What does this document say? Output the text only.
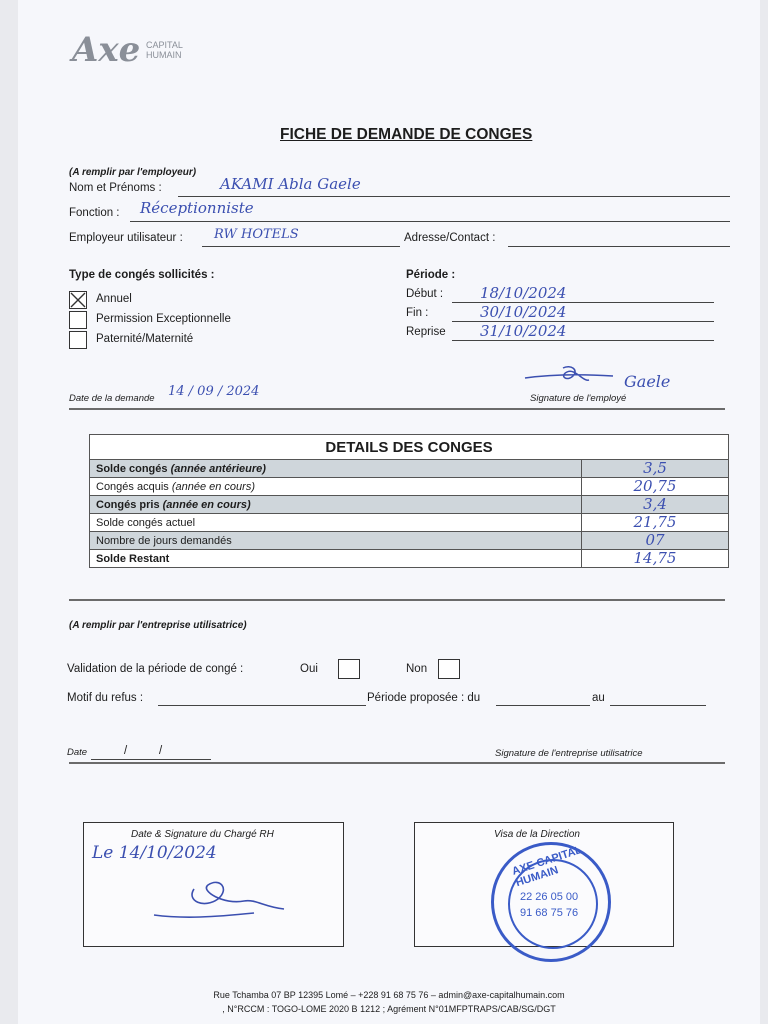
Axe CAPITAL
HUMAIN
FICHE DE DEMANDE DE CONGES
(A remplir par l'employeur)
Nom et Prénoms :	AKAMI Abla Gaele
Fonction : Réceptionniste
Employeur utilisateur : RW HOTELS	Adresse/Contact :
Type de congés sollicités :
Annuel
Permission Exceptionnelle
Paternité/Maternité
Période :
Début : 18/10/2024
Fin :	30/10/2024
Reprise 31/10/2024
Date de la demande 14 / 09 / 2024
Gaele
Signature de l'employé
DETAILS DES CONGES	
Solde congés (année antérieure)	3,5
Congés acquis (année en cours)	20,75
Congés pris (année en cours)	3,4
Solde congés actuel	21,75
Nombre de jours demandés	07
Solde Restant	14,75
(A remplir par l'entreprise utilisatrice)
Validation de la période de congé :	Oui	Non
Motif du refus :	Période proposée : du	au
Date	/	/	Signature de l'entreprise utilisatrice
Date & Signature du Chargé RH
Le 14/10/2024
Visa de la Direction
AXE CAPITAL HUMAIN
22 26 05 00
91 68 75 76
Rue Tchamba 07 BP 12395 Lomé – +228 91 68 75 76 – admin@axe-capitalhumain.com
, N°RCCM : TOGO-LOME 2020 B 1212 ; Agrément N°01MFPTRAPS/CAB/SG/DGT
